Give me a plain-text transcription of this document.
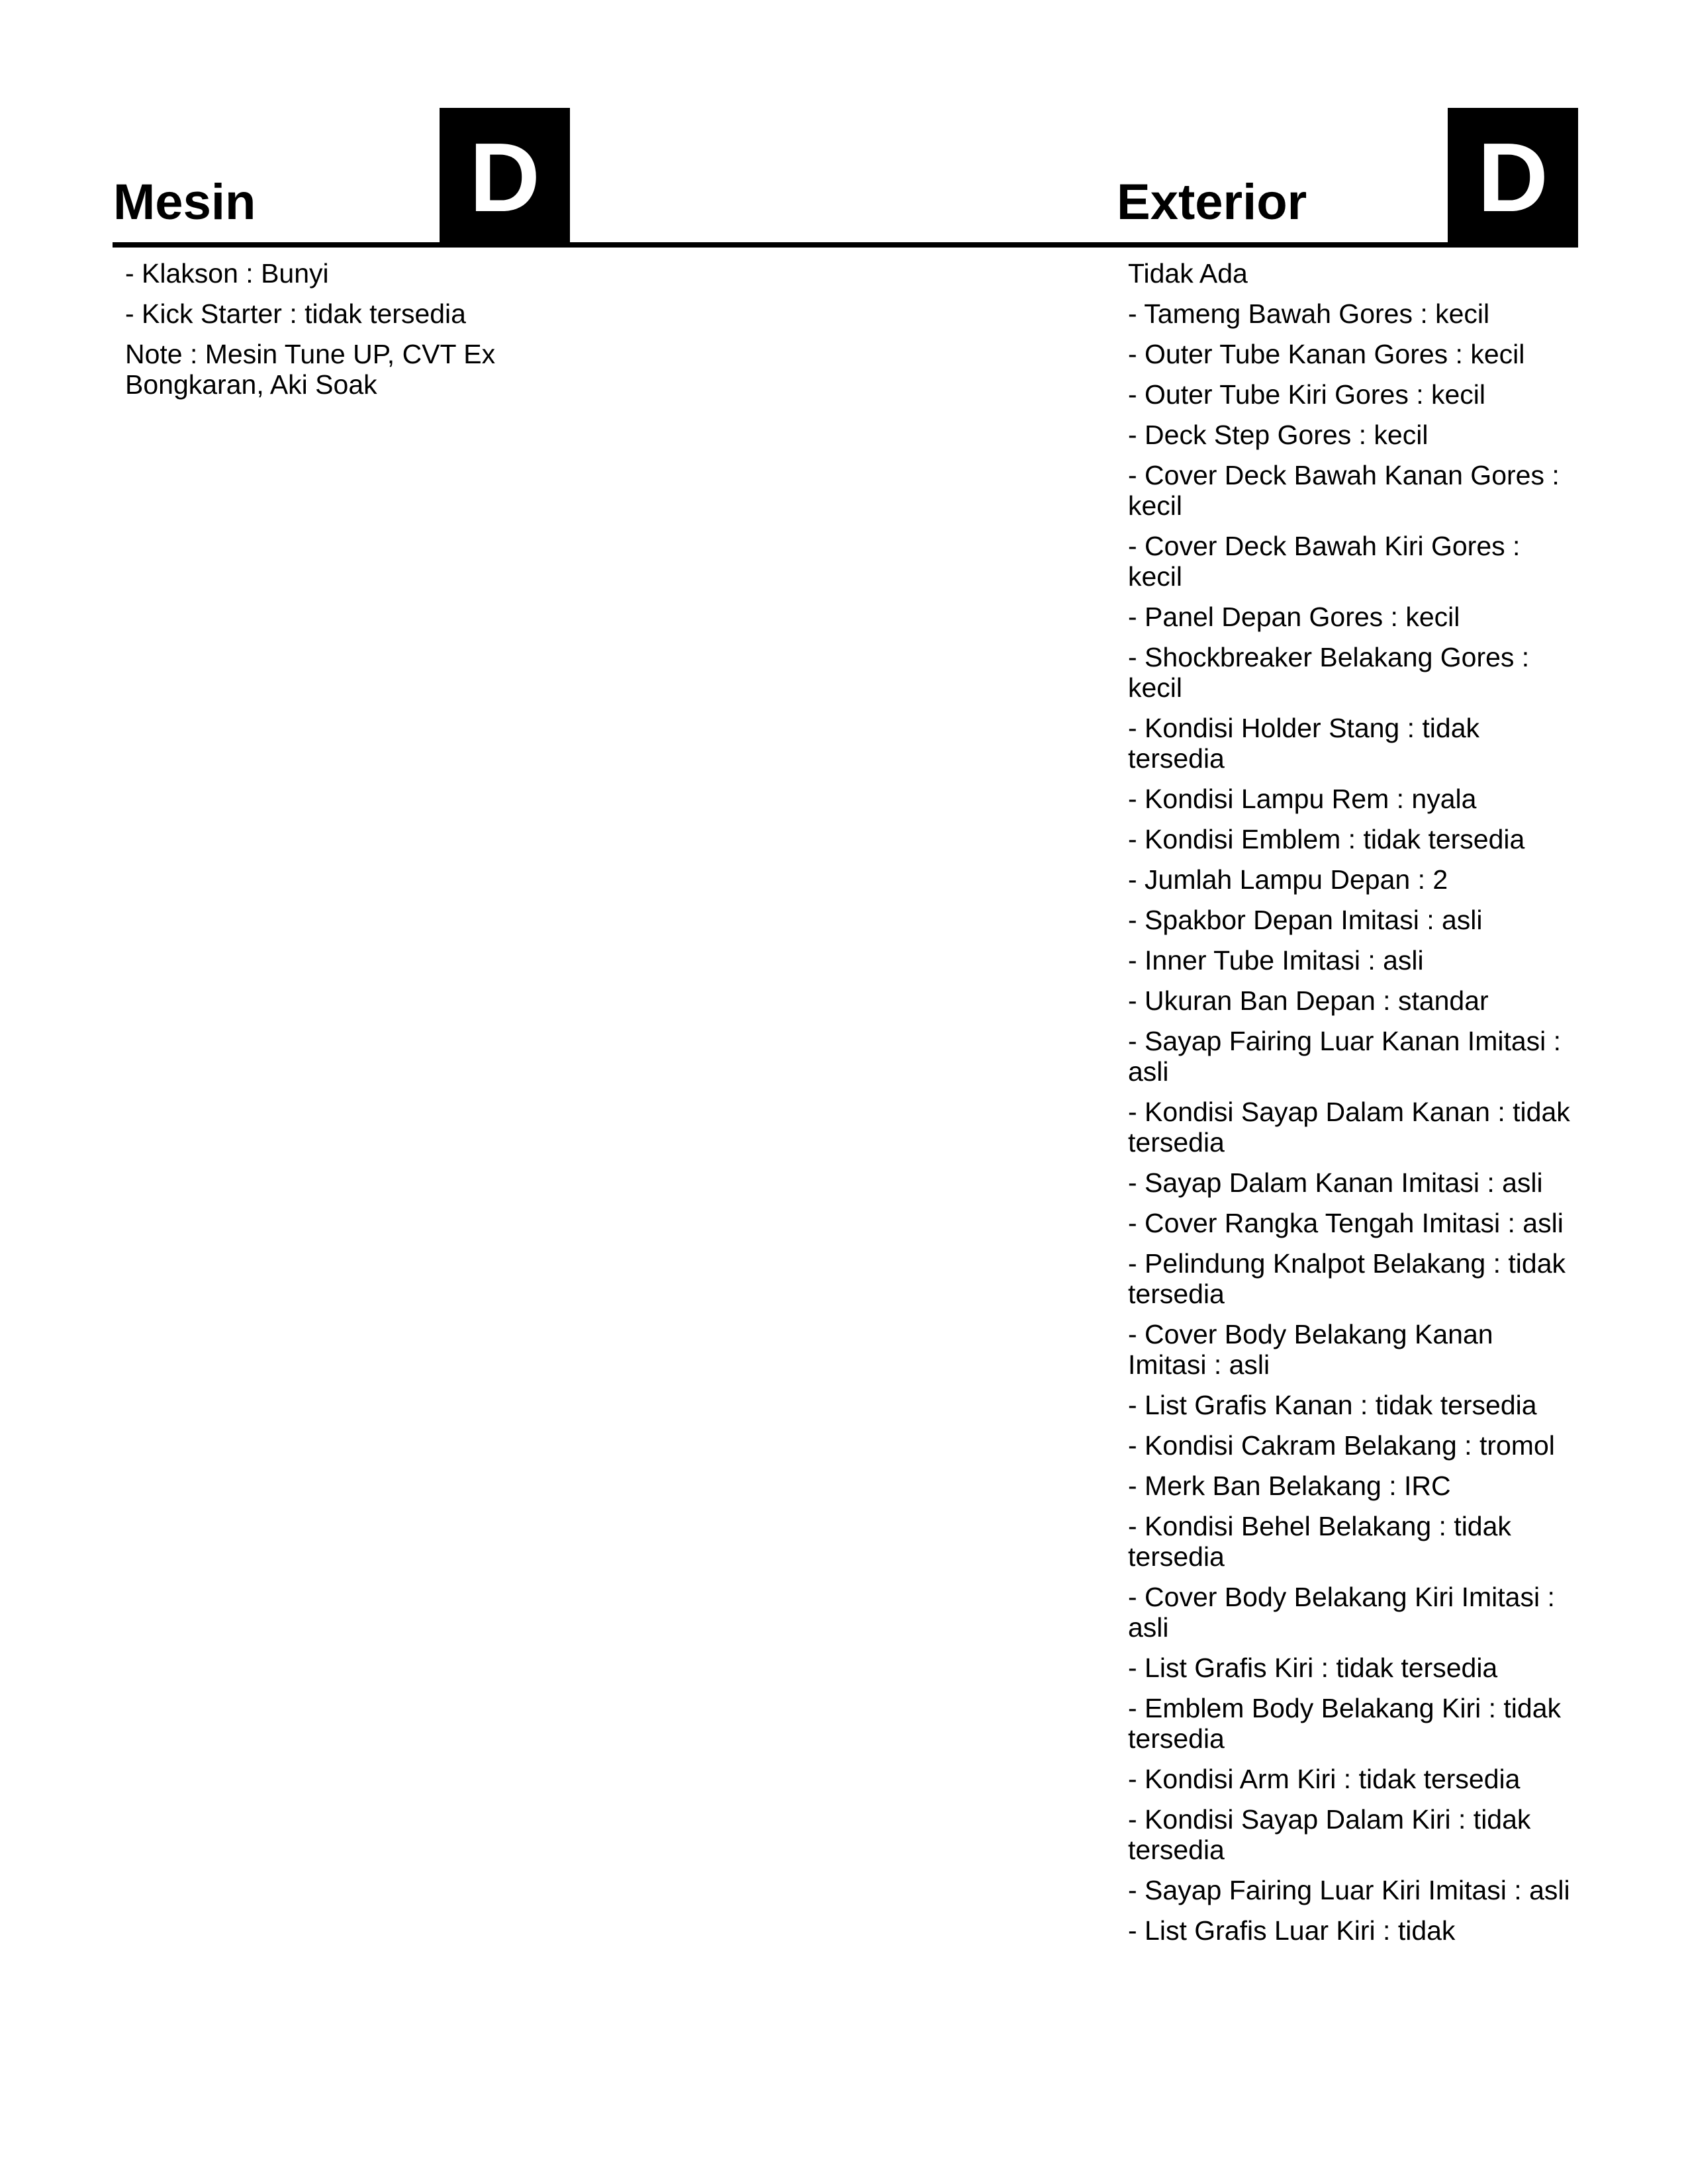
Mesin	D	Exterior	D
- Klakson : Bunyi
- Kick Starter : tidak tersedia
Note : Mesin Tune UP, CVT Ex Bongkaran, Aki Soak
Tidak Ada
- Tameng Bawah Gores : kecil
- Outer Tube Kanan Gores : kecil
- Outer Tube Kiri Gores : kecil
- Deck Step Gores : kecil
- Cover Deck Bawah Kanan Gores : kecil
- Cover Deck Bawah Kiri Gores : kecil
- Panel Depan Gores : kecil
- Shockbreaker Belakang Gores : kecil
- Kondisi Holder Stang : tidak tersedia
- Kondisi Lampu Rem : nyala
- Kondisi Emblem : tidak tersedia
- Jumlah Lampu Depan : 2
- Spakbor Depan Imitasi : asli
- Inner Tube Imitasi : asli
- Ukuran Ban Depan : standar
- Sayap Fairing Luar Kanan Imitasi : asli
- Kondisi Sayap Dalam Kanan : tidak tersedia
- Sayap Dalam Kanan Imitasi : asli
- Cover Rangka Tengah Imitasi : asli
- Pelindung Knalpot Belakang : tidak tersedia
- Cover Body Belakang Kanan Imitasi : asli
- List Grafis Kanan : tidak tersedia
- Kondisi Cakram Belakang : tromol
- Merk Ban Belakang : IRC
- Kondisi Behel Belakang : tidak tersedia
- Cover Body Belakang Kiri Imitasi : asli
- List Grafis Kiri : tidak tersedia
- Emblem Body Belakang Kiri : tidak tersedia
- Kondisi Arm Kiri : tidak tersedia
- Kondisi Sayap Dalam Kiri : tidak tersedia
- Sayap Fairing Luar Kiri Imitasi : asli
- List Grafis Luar Kiri : tidak
